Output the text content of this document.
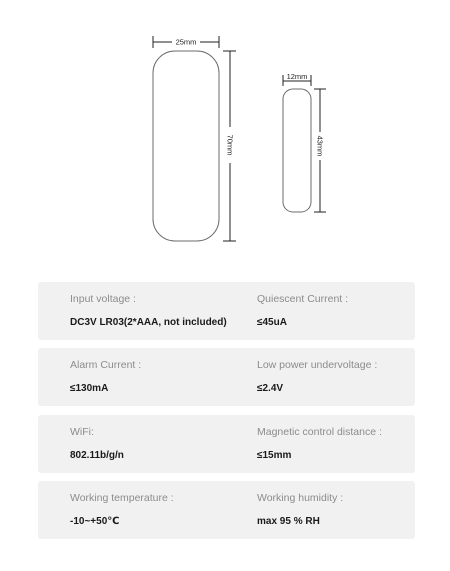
25mm
70mm
12mm
43mm
Input voltage :
DC3V LR03(2*AAA, not included)
Quiescent Current :
≤45uA
Alarm Current :
≤130mA
Low power undervoltage :
≤2.4V
WiFi:
802.11b/g/n
Magnetic control distance :
≤15mm
Working temperature :
-10~+50℃
Working humidity :
max 95 % RH
